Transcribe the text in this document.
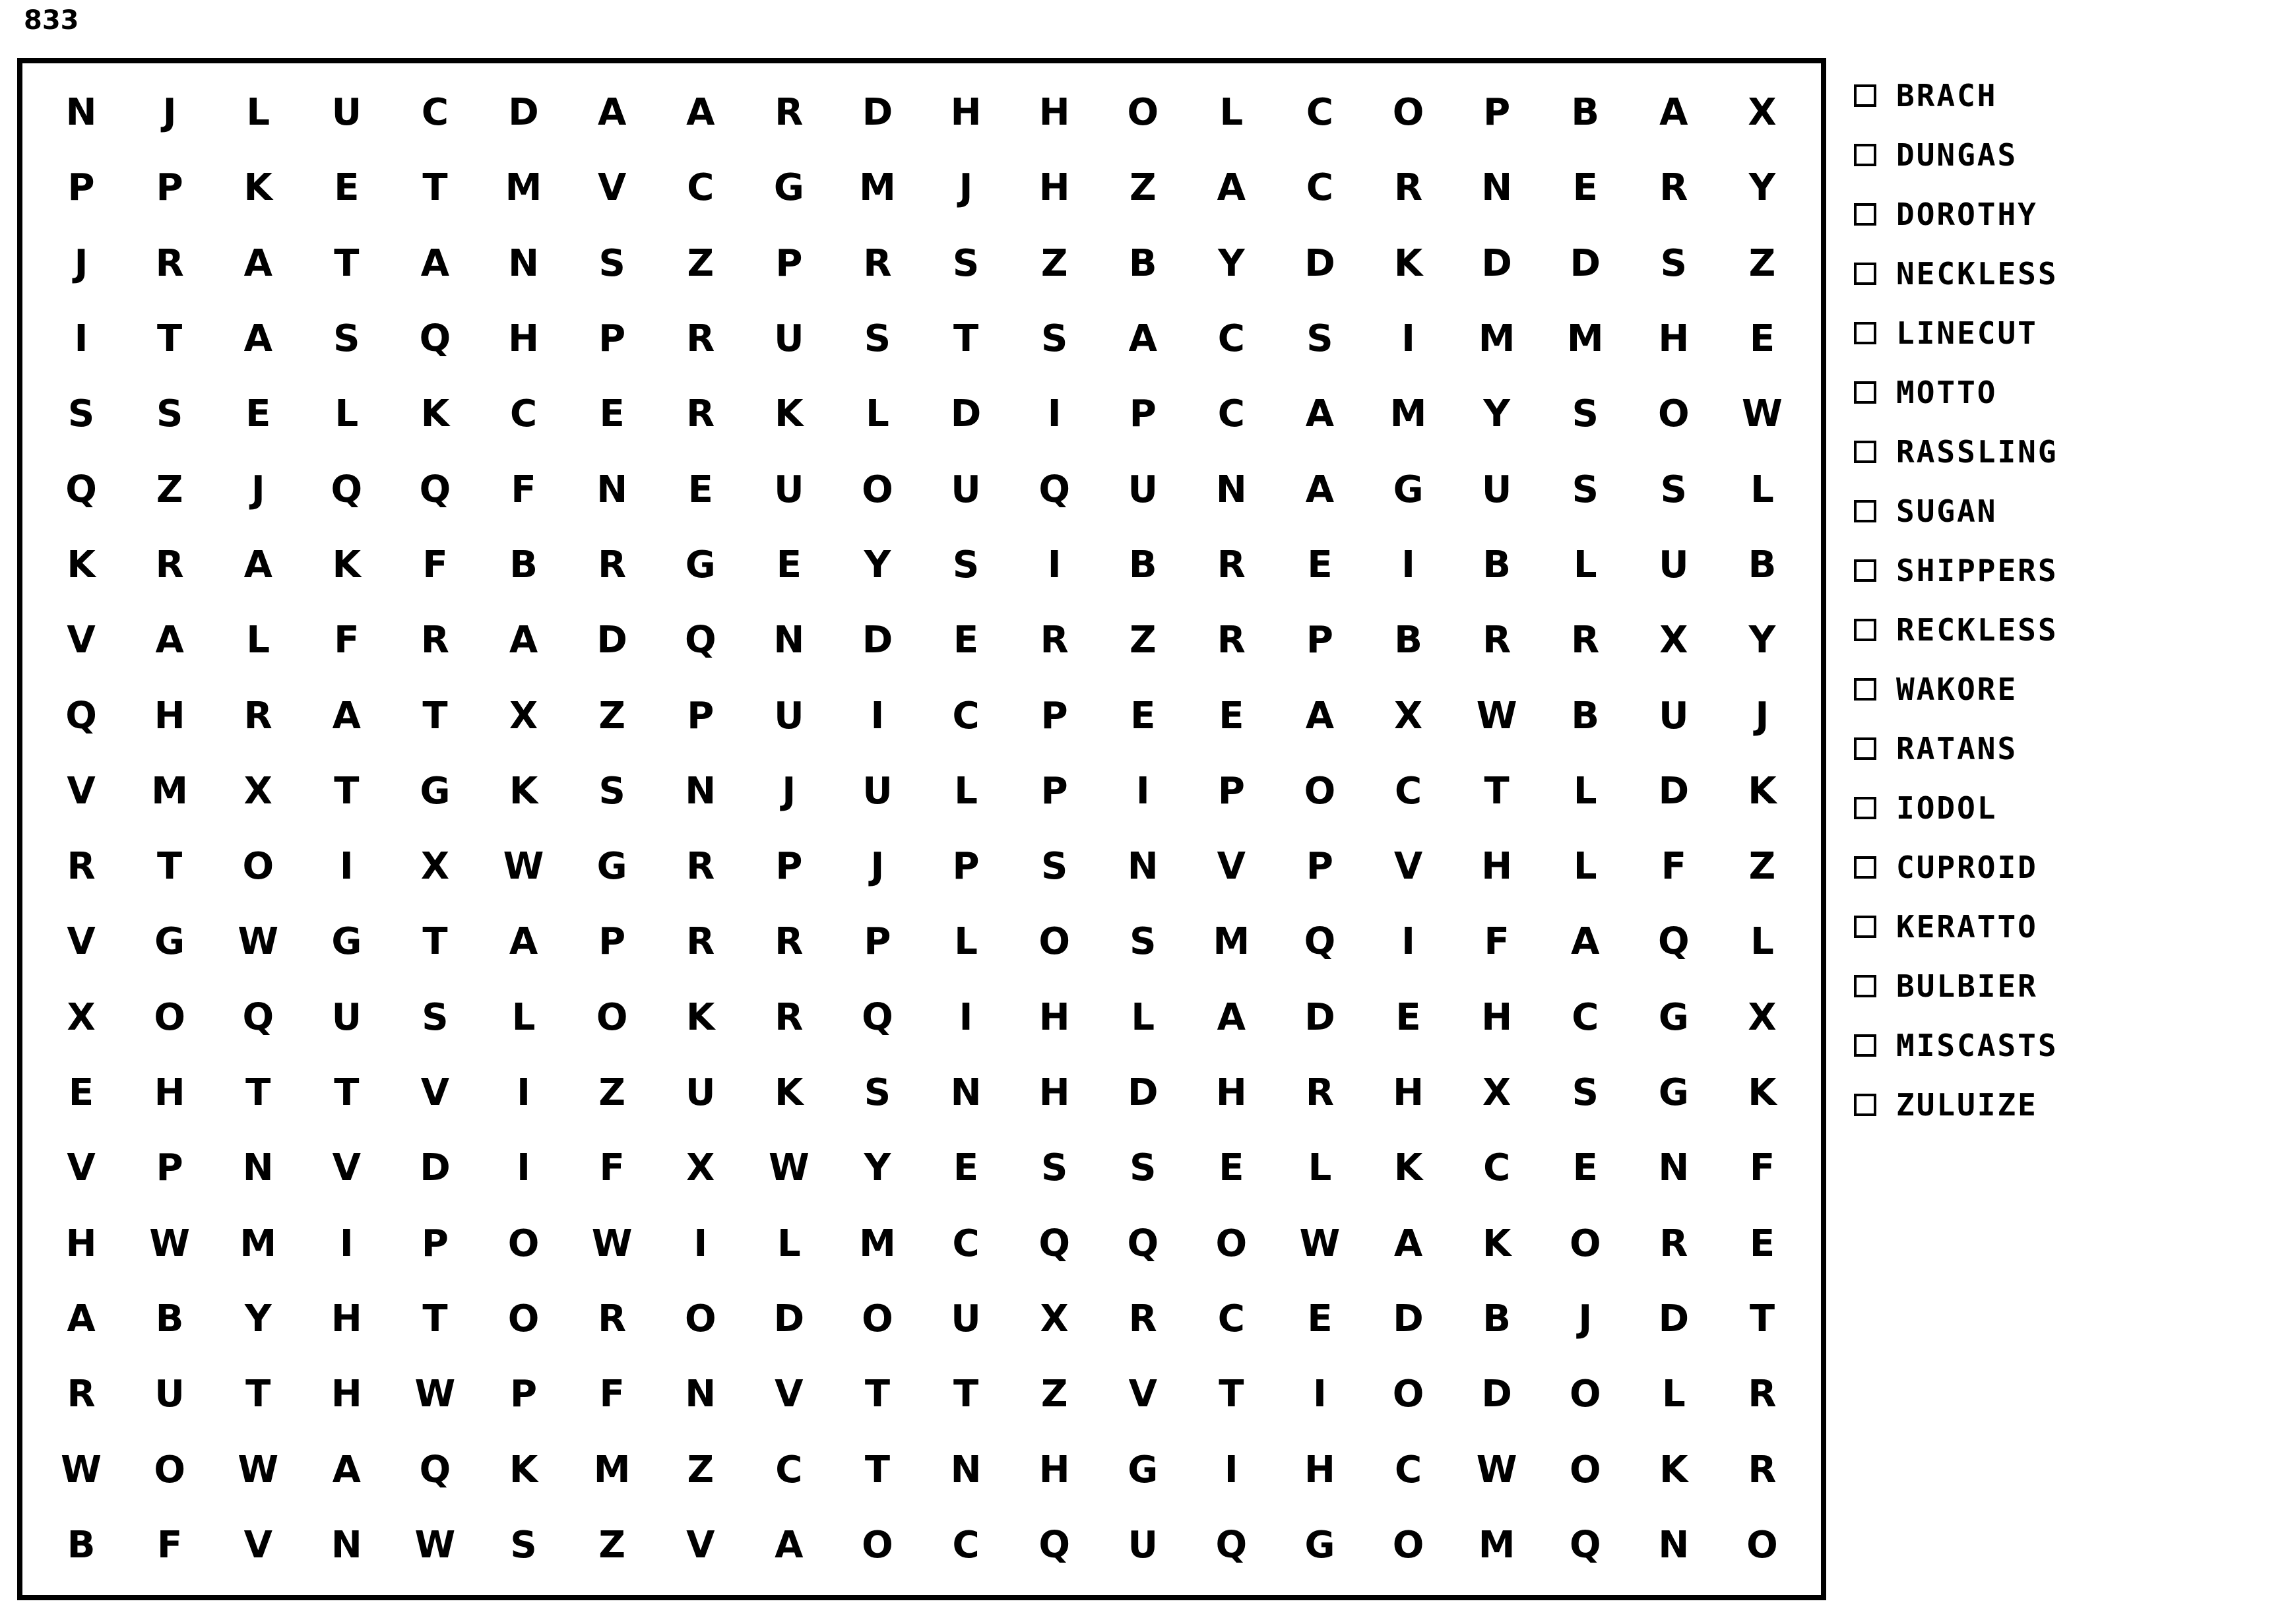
833
N J L U C D A A R D H H O L C O P B A X
P P K E T M V C G M J H Z A C R N E R Y
J R A T A N S Z P R S Z B Y D K D D S Z
I T A S Q H P R U S T S A C S I M M H E
S S E L K C E R K L D I P C A M Y S O W
Q Z J Q Q F N E U O U Q U N A G U S S L
K R A K F B R G E Y S I B R E I B L U B
V A L F R A D Q N D E R Z R P B R R X Y
Q H R A T X Z P U I C P E E A X W B U J
V M X T G K S N J U L P I P O C T L D K
R T O I X W G R P J P S N V P V H L F Z
V G W G T A P R R P L O S M Q I F A Q L
X O Q U S L O K R Q I H L A D E H C G X
E H T T V I Z U K S N H D H R H X S G K
V P N V D I F X W Y E S S E L K C E N F
H W M I P O W I L M C Q Q O W A K O R E
A B Y H T O R O D O U X R C E D B J D T
R U T H W P F N V T T Z V T I O D O L R
W O W A Q K M Z C T N H G I H C W O K R
B F V N W S Z V A O C Q U Q G O M Q N O
BRACH
DUNGAS
DOROTHY
NECKLESS
LINECUT
MOTTO
RASSLING
SUGAN
SHIPPERS
RECKLESS
WAKORE
RATANS
IODOL
CUPROID
KERATTO
BULBIER
MISCASTS
ZULUIZE
